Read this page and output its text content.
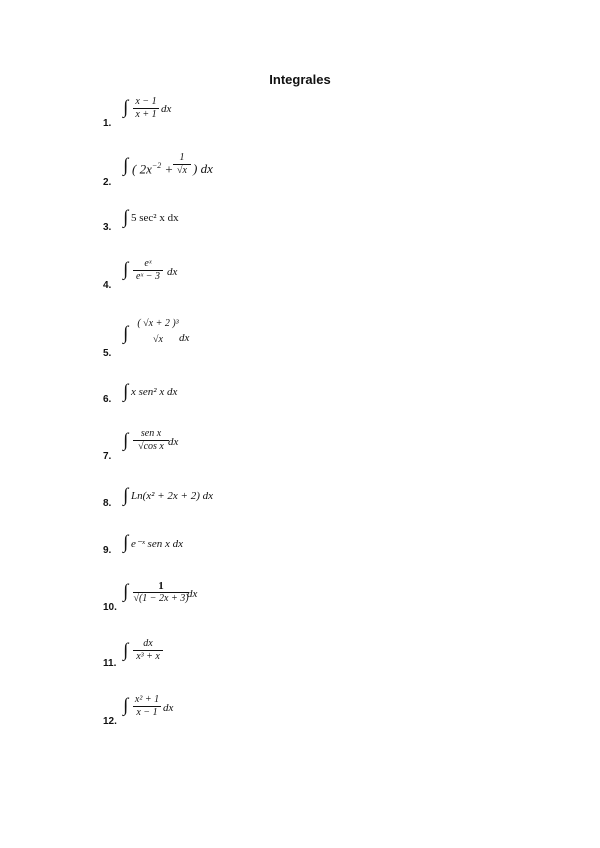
Integrales
1.
∫ x − 1
x + 1 dx
2.
∫ ( $2x^{-2}$ +
1
√x ) dx
3. ∫ 5 sec² x dx
4.
∫	eˣ
eˣ − 3 dx
5.
∫ ( √x + 2 )³
√x	dx
6. ∫ x sen² x dx
7.
∫	sen x
√cos x dx
8. ∫ Ln(x² + 2x + 2) dx
9. ∫ e⁻ˣ sen x dx
10.
∫	1
√(1 − 2x + 3)
dx
11.
∫	dx
x³ + x
12.
∫ x² + 1
x − 1 dx
